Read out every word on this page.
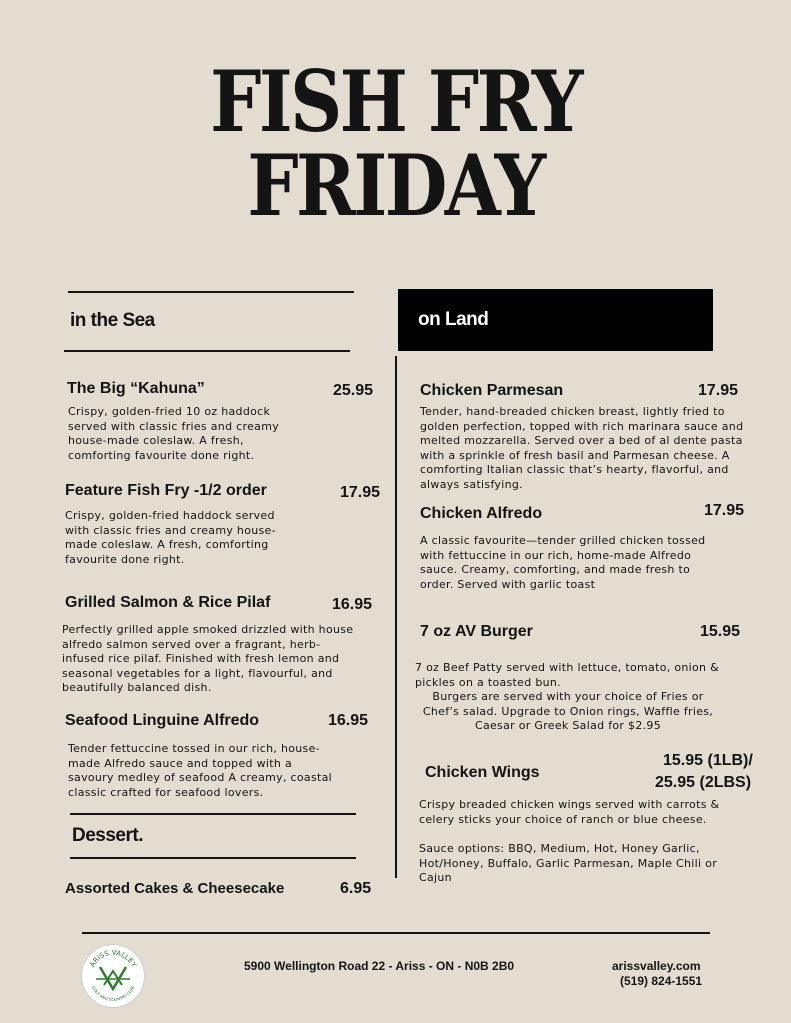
FISH FRY
FRIDAY
in the Sea	on Land
The Big “Kahuna”	25.95
Crispy, golden-fried 10 oz haddock served with classic fries and creamy house-made coleslaw. A fresh, comforting favourite done right.
Feature Fish Fry -1/2 order	17.95
Crispy, golden-fried haddock served with classic fries and creamy house-made coleslaw. A fresh, comforting favourite done right.
Grilled Salmon & Rice Pilaf	16.95
Perfectly grilled apple smoked drizzled with house alfredo salmon served over a fragrant, herb-infused rice pilaf. Finished with fresh lemon and seasonal vegetables for a light, flavourful, and beautifully balanced dish.
Seafood Linguine Alfredo	16.95
Tender fettuccine tossed in our rich, house-made Alfredo sauce and topped with a savoury medley of seafood A creamy, coastal classic crafted for seafood lovers.
Dessert.
Assorted Cakes & Cheesecake	6.95
Chicken Parmesan	17.95
Tender, hand-breaded chicken breast, lightly fried to golden perfection, topped with rich marinara sauce and melted mozzarella. Served over a bed of al dente pasta with a sprinkle of fresh basil and Parmesan cheese. A comforting Italian classic that’s hearty, flavorful, and always satisfying.
Chicken Alfredo	17.95
A classic favourite—tender grilled chicken tossed with fettuccine in our rich, home-made Alfredo sauce. Creamy, comforting, and made fresh to order. Served with garlic toast
7 oz AV Burger	15.95
7 oz Beef Patty served with lettuce, tomato, onion & pickles on a toasted bun.
Burgers are served with your choice of Fries or Chef’s salad. Upgrade to Onion rings, Waffle fries, Caesar or Greek Salad for $2.95
Chicken Wings
15.95 (1LB)/
25.95 (2LBS)
Crispy breaded chicken wings served with carrots & celery sticks your choice of ranch or blue cheese.
Sauce options: BBQ, Medium, Hot, Honey Garlic, Hot/Honey, Buffalo, Garlic Parmesan, Maple Chili or Cajun
ARISS VALLEY
GOLF AND COUNTRY CLUB
5900 Wellington Road 22 - Ariss - ON - N0B 2B0	arissvalley.com
(519) 824-1551
